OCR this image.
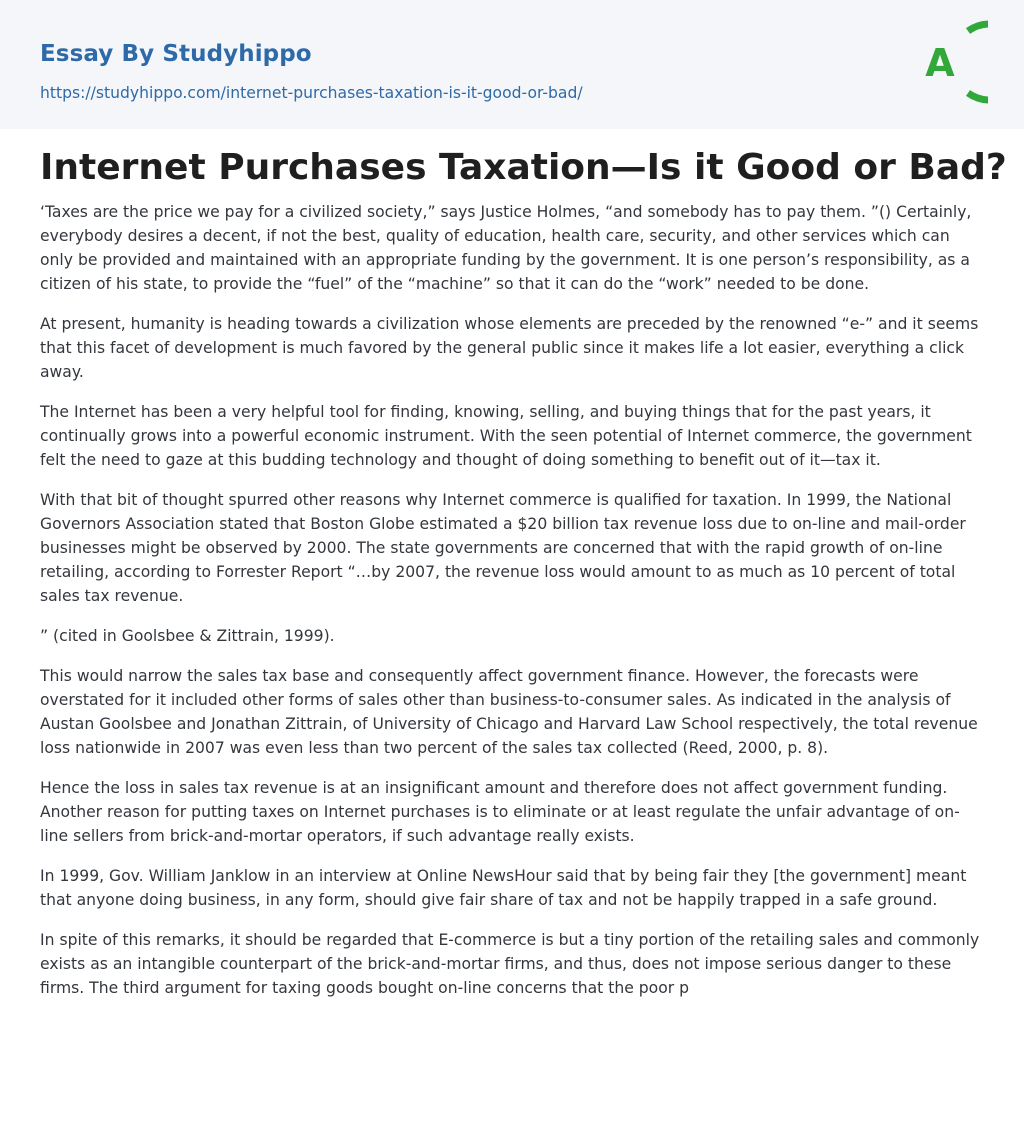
Essay By Studyhippo
https://studyhippo.com/internet-purchases-taxation-is-it-good-or-bad/
A
Internet Purchases Taxation—Is it Good or Bad?

‘Taxes are the price we pay for a civilized society,” says Justice Holmes, “and somebody has to pay them. ”() Certainly, everybody desires a decent, if not the best, quality of education, health care, security, and other services which can only be provided and maintained with an appropriate funding by the government. It is one person’s responsibility, as a citizen of his state, to provide the “fuel” of the “machine” so that it can do the “work” needed to be done.

At present, humanity is heading towards a civilization whose elements are preceded by the renowned “e-” and it seems that this facet of development is much favored by the general public since it makes life a lot easier, everything a click away.

The Internet has been a very helpful tool for finding, knowing, selling, and buying things that for the past years, it continually grows into a powerful economic instrument. With the seen potential of Internet commerce, the government felt the need to gaze at this budding technology and thought of doing something to benefit out of it—tax it.

With that bit of thought spurred other reasons why Internet commerce is qualified for taxation. In 1999, the National Governors Association stated that Boston Globe estimated a $20 billion tax revenue loss due to on-line and mail-order businesses might be observed by 2000. The state governments are concerned that with the rapid growth of on-line retailing, according to Forrester Report “…by 2007, the revenue loss would amount to as much as 10 percent of total sales tax revenue.

” (cited in Goolsbee & Zittrain, 1999).

This would narrow the sales tax base and consequently affect government finance. However, the forecasts were overstated for it included other forms of sales other than business-to-consumer sales. As indicated in the analysis of Austan Goolsbee and Jonathan Zittrain, of University of Chicago and Harvard Law School respectively, the total revenue loss nationwide in 2007 was even less than two percent of the sales tax collected (Reed, 2000, p. 8).

Hence the loss in sales tax revenue is at an insignificant amount and therefore does not affect government funding. Another reason for putting taxes on Internet purchases is to eliminate or at least regulate the unfair advantage of on-line sellers from brick-and-mortar operators, if such advantage really exists.

In 1999, Gov. William Janklow in an interview at Online NewsHour said that by being fair they [the government] meant that anyone doing business, in any form, should give fair share of tax and not be happily trapped in a safe ground.

In spite of this remarks, it should be regarded that E-commerce is but a tiny portion of the retailing sales and commonly exists as an intangible counterpart of the brick-and-mortar firms, and thus, does not impose serious danger to these firms. The third argument for taxing goods bought on-line concerns that the poor p
